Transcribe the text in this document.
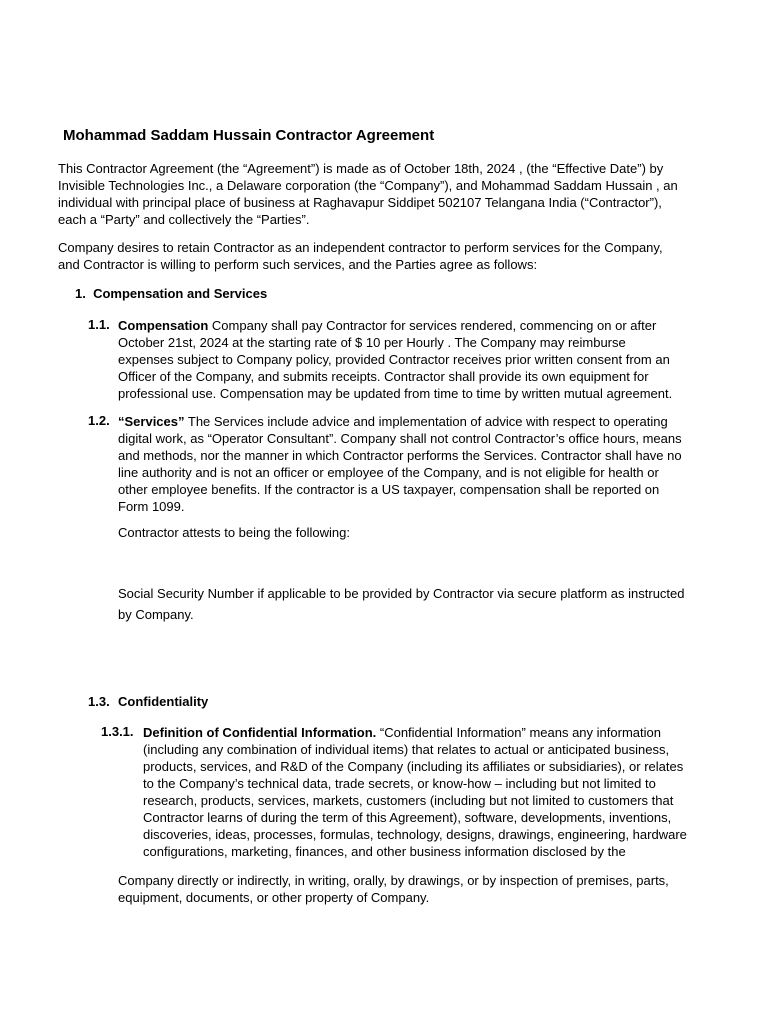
Mohammad Saddam Hussain Contractor Agreement
This Contractor Agreement (the “Agreement”) is made as of October 18th, 2024 , (the “Effective Date”) by
Invisible Technologies Inc., a Delaware corporation (the “Company”), and Mohammad Saddam Hussain , an
individual with principal place of business at Raghavapur Siddipet 502107 Telangana India (“Contractor”),
each a “Party” and collectively the “Parties”.
Company desires to retain Contractor as an independent contractor to perform services for the Company,
and Contractor is willing to perform such services, and the Parties agree as follows:
1. Compensation and Services
1.1. Compensation Company shall pay Contractor for services rendered, commencing on or after
October 21st, 2024 at the starting rate of $ 10 per Hourly . The Company may reimburse
expenses subject to Company policy, provided Contractor receives prior written consent from an
Officer of the Company, and submits receipts. Contractor shall provide its own equipment for
professional use. Compensation may be updated from time to time by written mutual agreement.
1.2. “Services” The Services include advice and implementation of advice with respect to operating
digital work, as “Operator Consultant”. Company shall not control Contractor’s office hours, means
and methods, nor the manner in which Contractor performs the Services. Contractor shall have no
line authority and is not an officer or employee of the Company, and is not eligible for health or
other employee benefits. If the contractor is a US taxpayer, compensation shall be reported on
Form 1099.
Contractor attests to being the following:
Social Security Number if applicable to be provided by Contractor via secure platform as instructed
by Company.
1.3. Confidentiality
1.3.1. Definition of Confidential Information. “Confidential Information” means any information
(including any combination of individual items) that relates to actual or anticipated business,
products, services, and R&D of the Company (including its affiliates or subsidiaries), or relates
to the Company’s technical data, trade secrets, or know-how – including but not limited to
research, products, services, markets, customers (including but not limited to customers that
Contractor learns of during the term of this Agreement), software, developments, inventions,
discoveries, ideas, processes, formulas, technology, designs, drawings, engineering, hardware
configurations, marketing, finances, and other business information disclosed by the
Company directly or indirectly, in writing, orally, by drawings, or by inspection of premises, parts,
equipment, documents, or other property of Company.
